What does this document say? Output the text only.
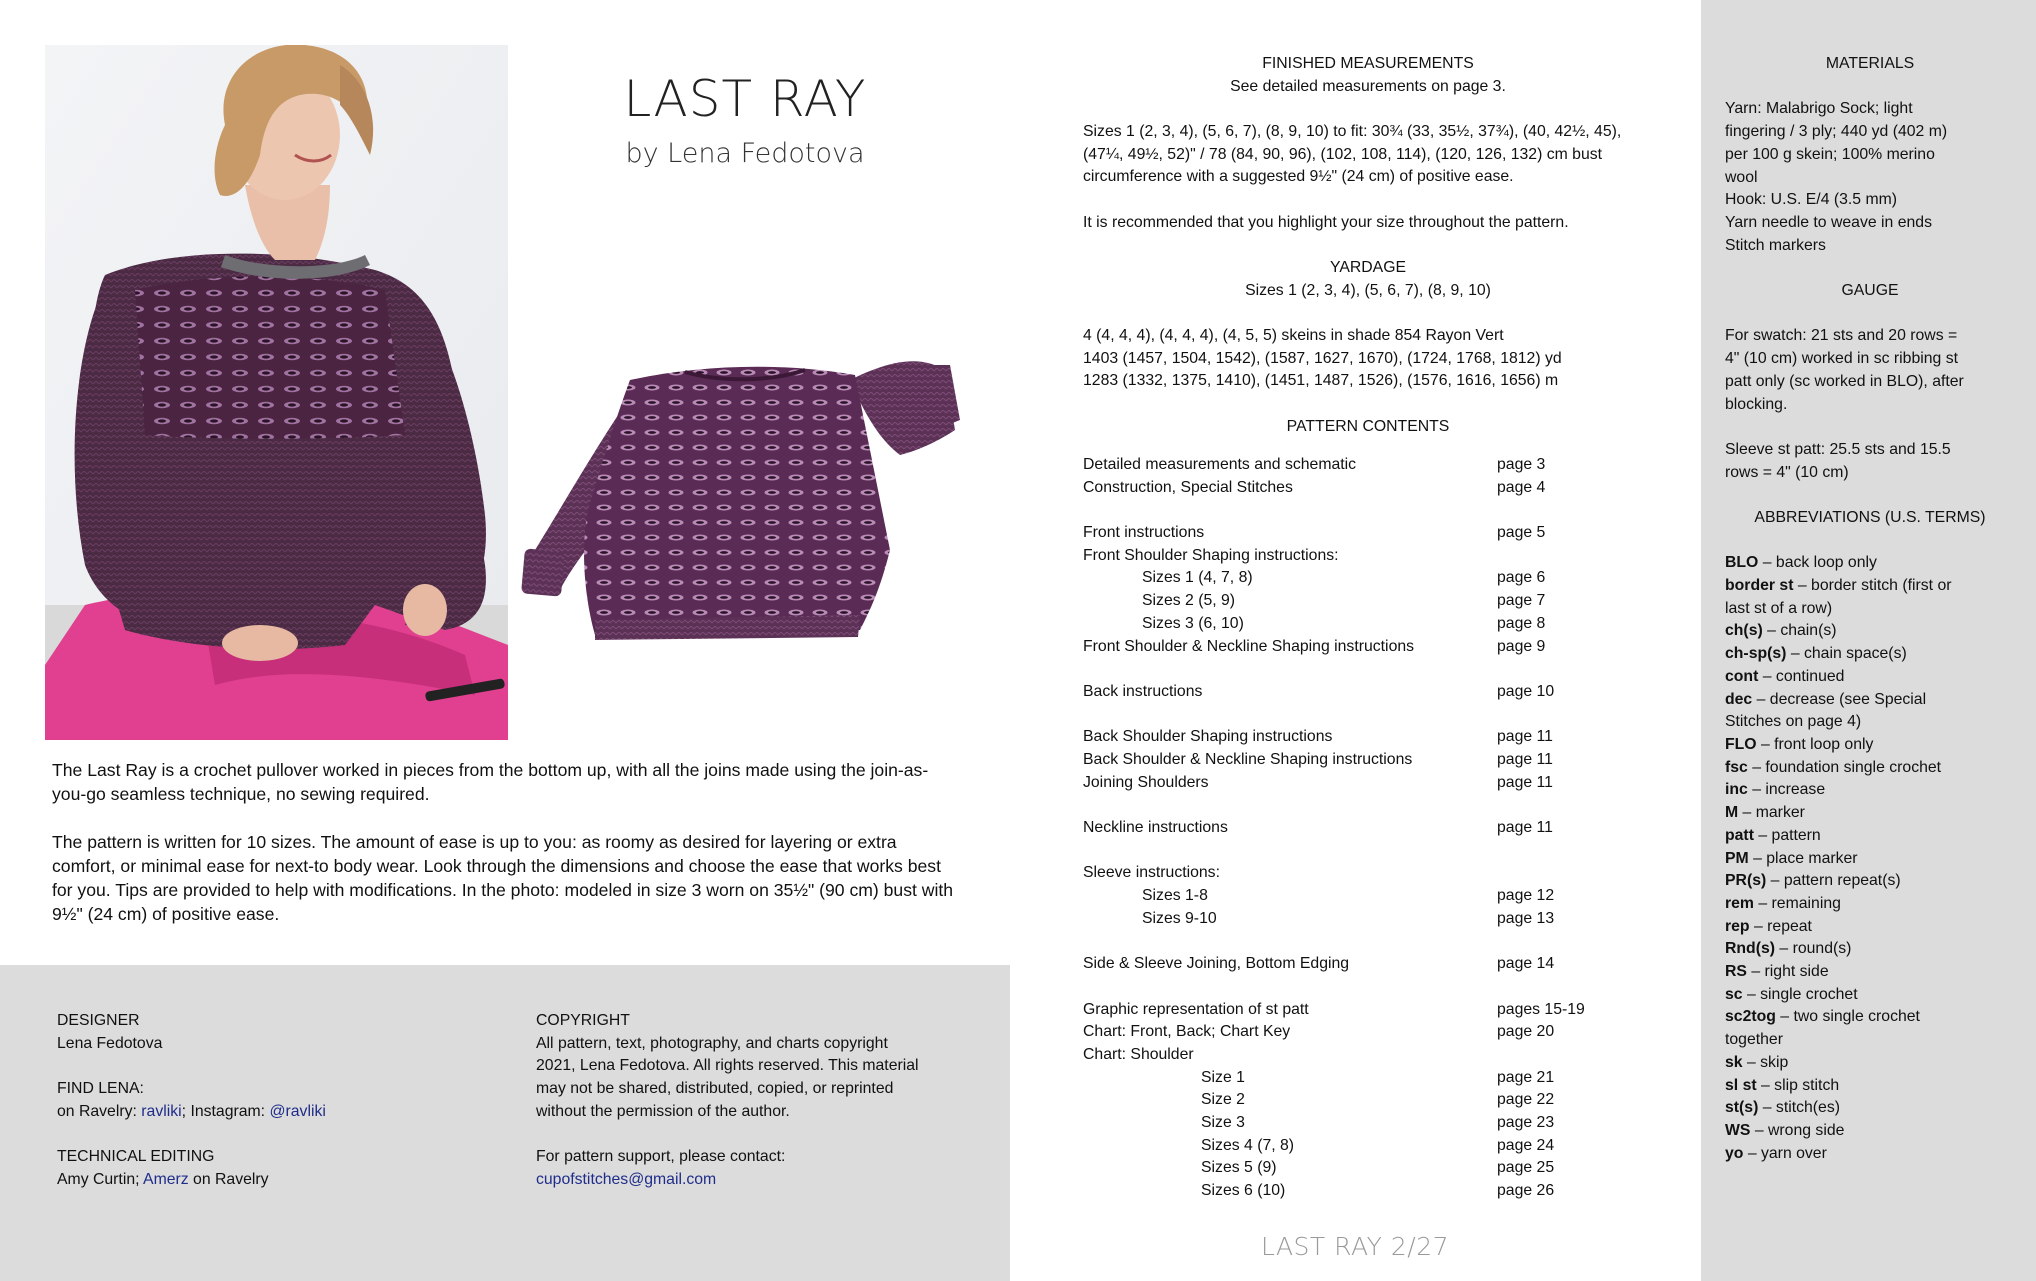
LAST RAY
by Lena Fedotova

The Last Ray is a crochet pullover worked in pieces from the bottom up, with all the joins made using the join-as-you-go seamless technique, no sewing required.

The pattern is written for 10 sizes. The amount of ease is up to you: as roomy as desired for layering or extra comfort, or minimal ease for next-to body wear. Look through the dimensions and choose the ease that works best for you. Tips are provided to help with modifications. In the photo: modeled in size 3 worn on 35½" (90 cm) bust with 9½" (24 cm) of positive ease.

DESIGNER
Lena Fedotova
FIND LENA:
on Ravelry: ravliki; Instagram: @ravliki
TECHNICAL EDITING
Amy Curtin; Amerz on Ravelry
COPYRIGHT
All pattern, text, photography, and charts copyright
2021, Lena Fedotova. All rights reserved. This material
may not be shared, distributed, copied, or reprinted
without the permission of the author.
For pattern support, please contact:
cupofstitches@gmail.com
FINISHED MEASUREMENTS
See detailed measurements on page 3.
Sizes 1 (2, 3, 4), (5, 6, 7), (8, 9, 10) to fit: 30¾ (33, 35½, 37¾), (40, 42½, 45),
(47¼, 49½, 52)" / 78 (84, 90, 96), (102, 108, 114), (120, 126, 132) cm bust
circumference with a suggested 9½" (24 cm) of positive ease.
It is recommended that you highlight your size throughout the pattern.
YARDAGE
Sizes 1 (2, 3, 4), (5, 6, 7), (8, 9, 10)
4 (4, 4, 4), (4, 4, 4), (4, 5, 5) skeins in shade 854 Rayon Vert
1403 (1457, 1504, 1542), (1587, 1627, 1670), (1724, 1768, 1812) yd
1283 (1332, 1375, 1410), (1451, 1487, 1526), (1576, 1616, 1656) m
PATTERN CONTENTS
Detailed measurements and schematic	page 3
Construction, Special Stitches	page 4
Front instructions	page 5
Front Shoulder Shaping instructions:
Sizes 1 (4, 7, 8)	page 6
Sizes 2 (5, 9)	page 7
Sizes 3 (6, 10)	page 8
Front Shoulder & Neckline Shaping instructions	page 9
Back instructions	page 10
Back Shoulder Shaping instructions	page 11
Back Shoulder & Neckline Shaping instructions	page 11
Joining Shoulders	page 11
Neckline instructions	page 11
Sleeve instructions:
Sizes 1-8	page 12
Sizes 9-10	page 13
Side & Sleeve Joining, Bottom Edging	page 14
Graphic representation of st patt	pages 15-19
Chart: Front, Back; Chart Key	page 20
Chart: Shoulder
Size 1	page 21
Size 2	page 22
Size 3	page 23
Sizes 4 (7, 8)	page 24
Sizes 5 (9)	page 25
Sizes 6 (10)	page 26
LAST RAY 2/27
MATERIALS
Yarn: Malabrigo Sock; light
fingering / 3 ply; 440 yd (402 m)
per 100 g skein; 100% merino
wool
Hook: U.S. E/4 (3.5 mm)
Yarn needle to weave in ends
Stitch markers
GAUGE
For swatch: 21 sts and 20 rows =
4" (10 cm) worked in sc ribbing st
patt only (sc worked in BLO), after
blocking.
Sleeve st patt: 25.5 sts and 15.5
rows = 4" (10 cm)
ABBREVIATIONS (U.S. TERMS)
BLO – back loop only
border st – border stitch (first or
last st of a row)
ch(s) – chain(s)
ch-sp(s) – chain space(s)
cont – continued
dec – decrease (see Special
Stitches on page 4)
FLO – front loop only
fsc – foundation single crochet
inc – increase
M – marker
patt – pattern
PM – place marker
PR(s) – pattern repeat(s)
rem – remaining
rep – repeat
Rnd(s) – round(s)
RS – right side
sc – single crochet
sc2tog – two single crochet
together
sk – skip
sl st – slip stitch
st(s) – stitch(es)
WS – wrong side
yo – yarn over
